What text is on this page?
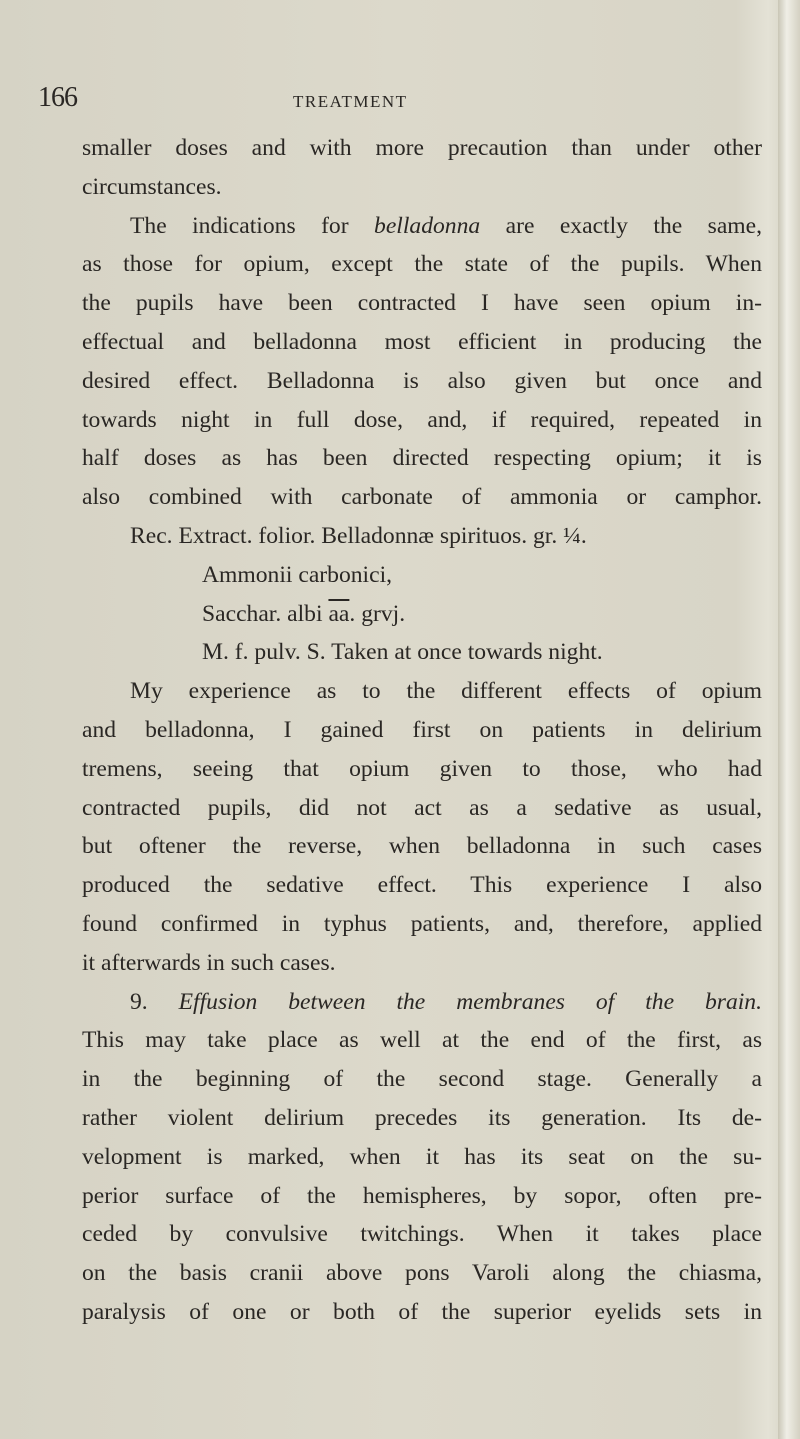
166	TREATMENT
smaller doses and with more precaution than under other
circumstances.
The indications for belladonna are exactly the same,
as those for opium, except the state of the pupils. When
the pupils have been contracted I have seen opium in-
effectual and belladonna most efficient in producing the
desired effect. Belladonna is also given but once and
towards night in full dose, and, if required, repeated in
half doses as has been directed respecting opium; it is
also combined with carbonate of ammonia or camphor.
Rec. Extract. folior. Belladonnæ spirituos. gr. ¼.
Ammonii carbonici,
Sacchar. albi $\overline{aa}$. grvj.
M. f. pulv. S. Taken at once towards night.
My experience as to the different effects of opium
and belladonna, I gained first on patients in delirium
tremens, seeing that opium given to those, who had
contracted pupils, did not act as a sedative as usual,
but oftener the reverse, when belladonna in such cases
produced the sedative effect. This experience I also
found confirmed in typhus patients, and, therefore, applied
it afterwards in such cases.
9. Effusion between the membranes of the brain.
This may take place as well at the end of the first, as
in the beginning of the second stage. Generally a
rather violent delirium precedes its generation. Its de-
velopment is marked, when it has its seat on the su-
perior surface of the hemispheres, by sopor, often pre-
ceded by convulsive twitchings. When it takes place
on the basis cranii above pons Varoli along the chiasma,
paralysis of one or both of the superior eyelids sets in
